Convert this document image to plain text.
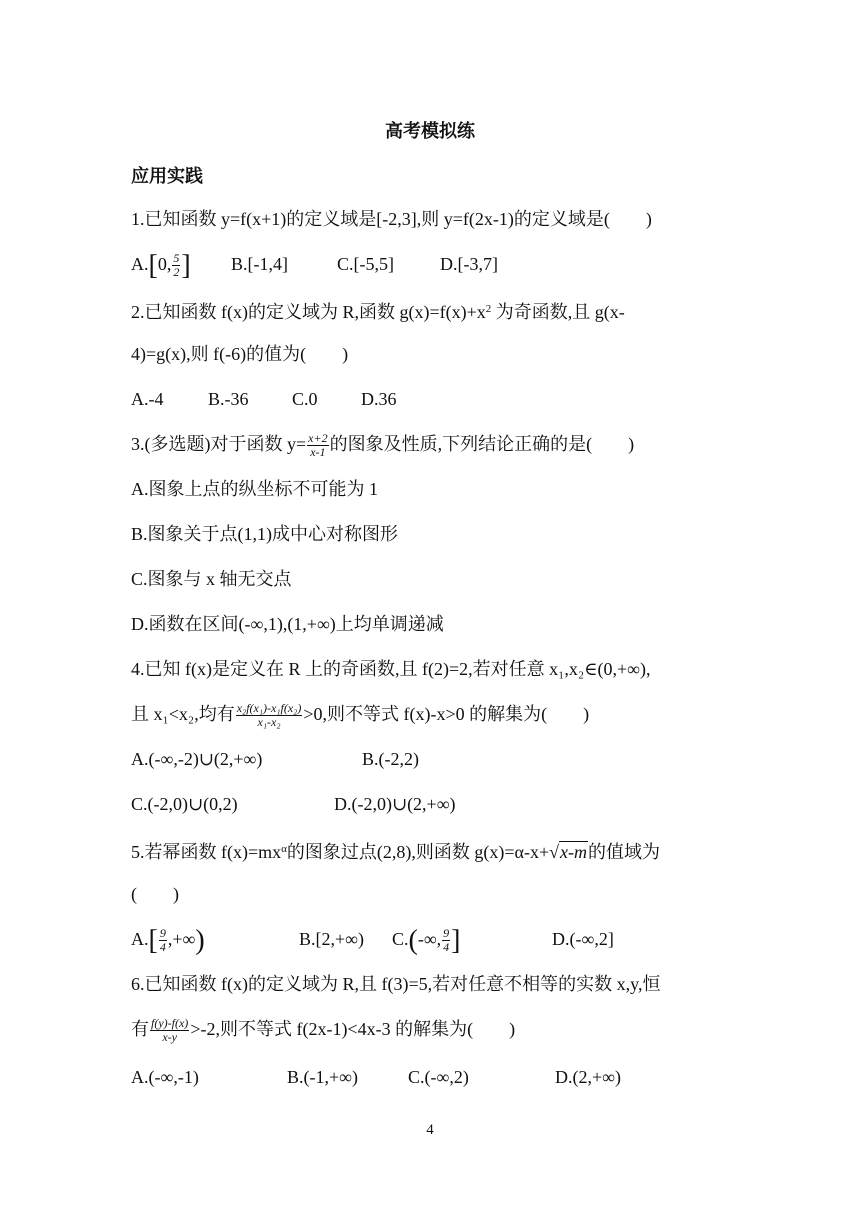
高考模拟练
应用实践
1.已知函数 y=f(x+1)的定义域是[-2,3],则 y=f(2x-1)的定义域是(　　)
A.[0, $\frac{5}{2}$ ] B.[-1,4]	C.[-5,5]	D.[-3,7]
2.已知函数 f(x)的定义域为 R,函数 $g(x)=f(x)+x^2$ 为奇函数,且 g(x-
4)=g(x),则 f(-6)的值为(　　)
A.-4 B.-36 C.0 D.36
3.(多选题)对于函数 $y= \frac{x+2}{x-1}$ 的图象及性质,下列结论正确的是(　　)
A.图象上点的纵坐标不可能为 1
B.图象关于点(1,1)成中心对称图形
C.图象与 x 轴无交点
D.函数在区间(-∞,1),(1,+∞)上均单调递减
4.已知 f(x)是定义在 R 上的奇函数,且 f(2)=2,若对任意 x₁,x₂∈(0,+∞),
且 x₁<x₂,均有 $\frac{\text{x₂f(x₁)-x₁f(x₂)}}{\text{x₁-x₂}} >0$,则不等式 f(x)-x>0 的解集为(　　)
A.(-∞,-2)∪(2,+∞)	B.(-2,2)
C.(-2,0)∪(0,2)	D.(-2,0)∪(2,+∞)
5.若幂函数 $f(x)=mx^\alpha$的图象过点(2,8),则函数 g(x)=α-x+√x-m的值域为
(　　)
$A.[ \frac{9}{4}$ ,+∞)	B.[2,+∞) C.(-∞, $\frac{9}{4}$ ]	D.(-∞,2]
6.已知函数 f(x)的定义域为 R,且 f(3)=5,若对任意不相等的实数 x,y,恒
有 $\frac{f(y)-f(x)}{x-y} >-2$,则不等式 f(2x-1)<4x-3 的解集为(　　)
A.(-∞,-1)	B.(-1,+∞)	C.(-∞,2)	D.(2,+∞)
4
